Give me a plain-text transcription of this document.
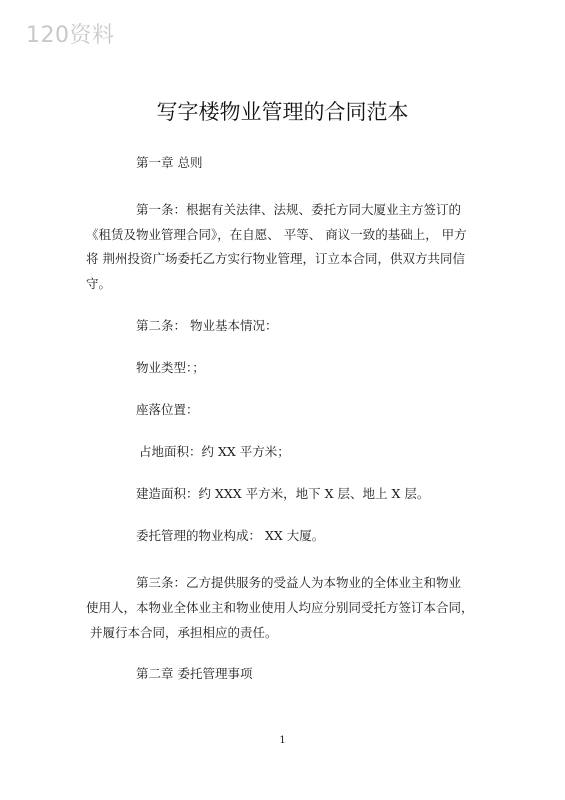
120资料
写字楼物业管理的合同范本
第一章 总则
第一条：根据有关法律、法规、委托方同大厦业主方签订的
《租赁及物业管理合同》，在自愿、 平等、 商议一致的基础上， 甲方
将 荆州投资广场委托乙方实行物业管理，订立本合同，供双方共同信
守。
第二条： 物业基本情况：
物业类型：；
座落位置：
占地面积：约 XX 平方米；
建造面积：约 XXX 平方米，地下 X 层、地上 X 层。
委托管理的物业构成： XX 大厦。
第三条：乙方提供服务的受益人为本物业的全体业主和物业
使用人，本物业全体业主和物业使用人均应分别同受托方签订本合同，
并履行本合同，承担相应的责任。
第二章 委托管理事项
1
